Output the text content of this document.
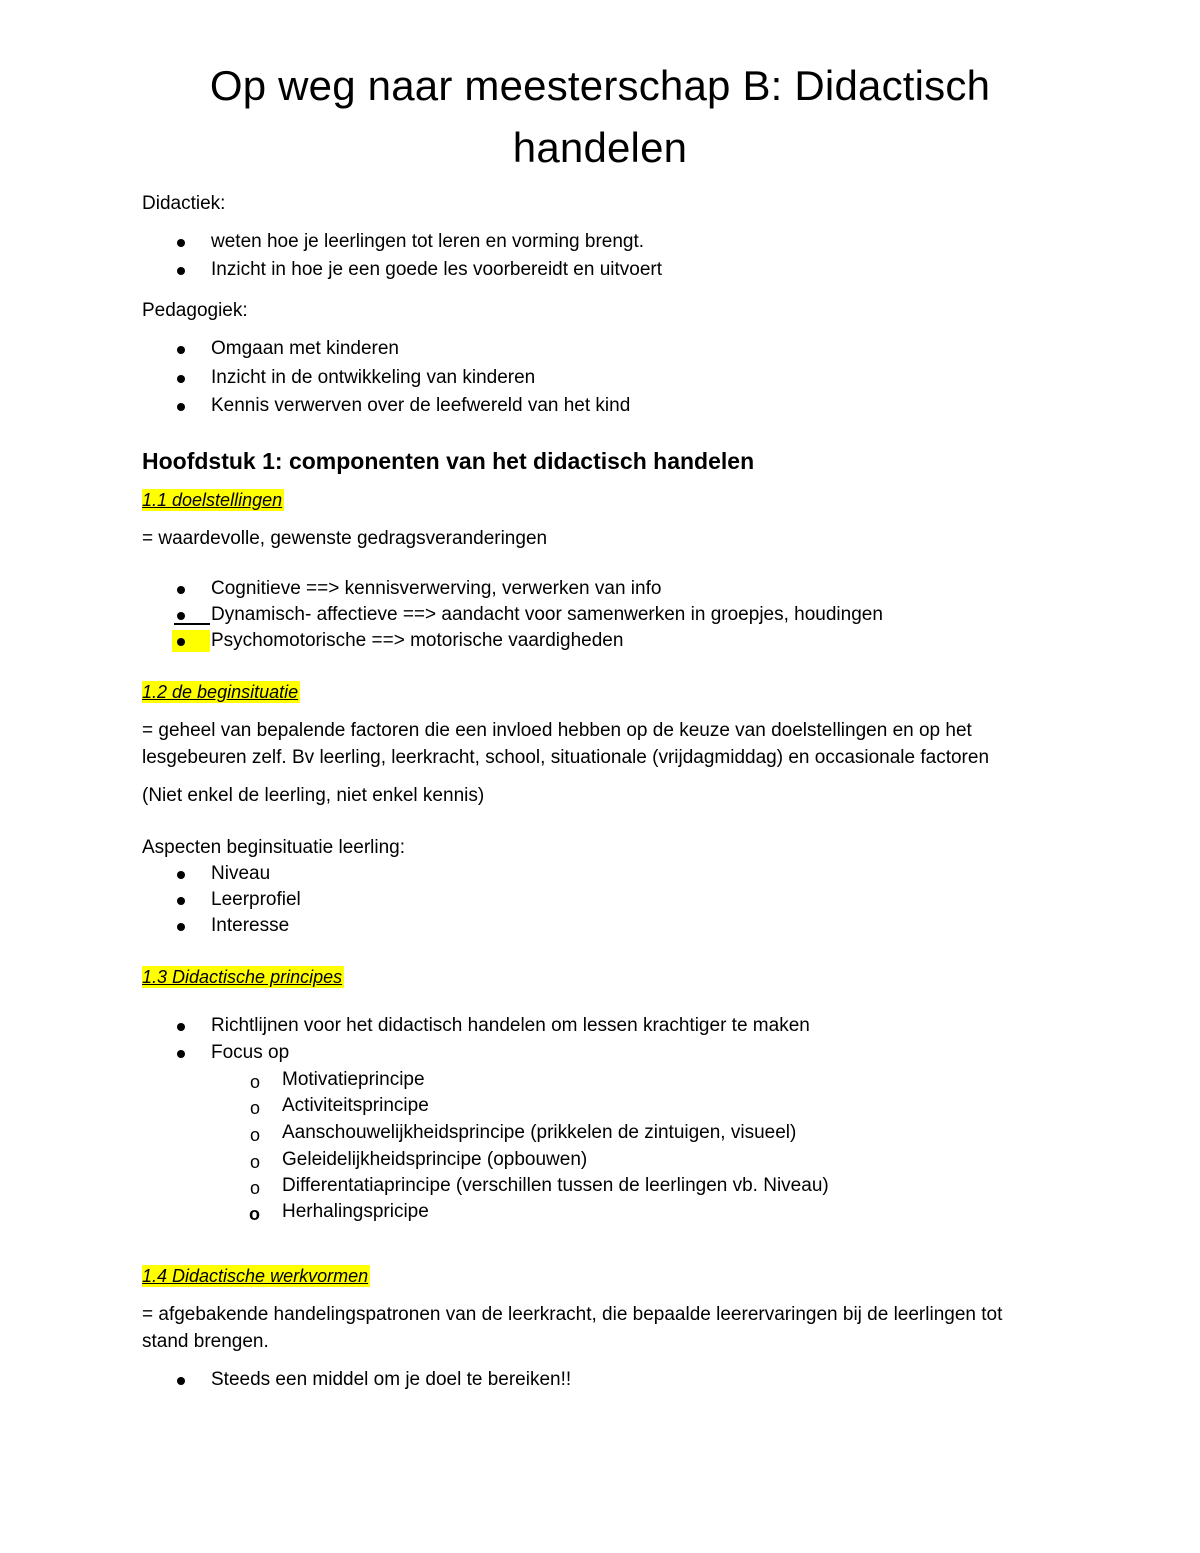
Op weg naar meesterschap B: Didactisch
handelen
Didactiek:
weten hoe je leerlingen tot leren en vorming brengt.
Inzicht in hoe je een goede les voorbereidt en uitvoert
Pedagogiek:
Omgaan met kinderen
Inzicht in de ontwikkeling van kinderen
Kennis verwerven over de leefwereld van het kind
Hoofdstuk 1: componenten van het didactisch handelen
1.1 doelstellingen
= waardevolle, gewenste gedragsveranderingen
Cognitieve ==> kennisverwerving, verwerken van info
Dynamisch- affectieve ==> aandacht voor samenwerken in groepjes, houdingen
Psychomotorische ==> motorische vaardigheden
1.2 de beginsituatie
= geheel van bepalende factoren die een invloed hebben op de keuze van doelstellingen en op het
lesgebeuren zelf. Bv leerling, leerkracht, school, situationale (vrijdagmiddag) en occasionale factoren
(Niet enkel de leerling, niet enkel kennis)
Aspecten beginsituatie leerling:
Niveau
Leerprofiel
Interesse
1.3 Didactische principes
Richtlijnen voor het didactisch handelen om lessen krachtiger te maken
Focus op
o Motivatieprincipe
o Activiteitsprincipe
o Aanschouwelijkheidsprincipe (prikkelen de zintuigen, visueel)
o Geleidelijkheidsprincipe (opbouwen)
o Differentatiaprincipe (verschillen tussen de leerlingen vb. Niveau)
o Herhalingspricipe
1.4 Didactische werkvormen
= afgebakende handelingspatronen van de leerkracht, die bepaalde leerervaringen bij de leerlingen tot
stand brengen.
Steeds een middel om je doel te bereiken!!
